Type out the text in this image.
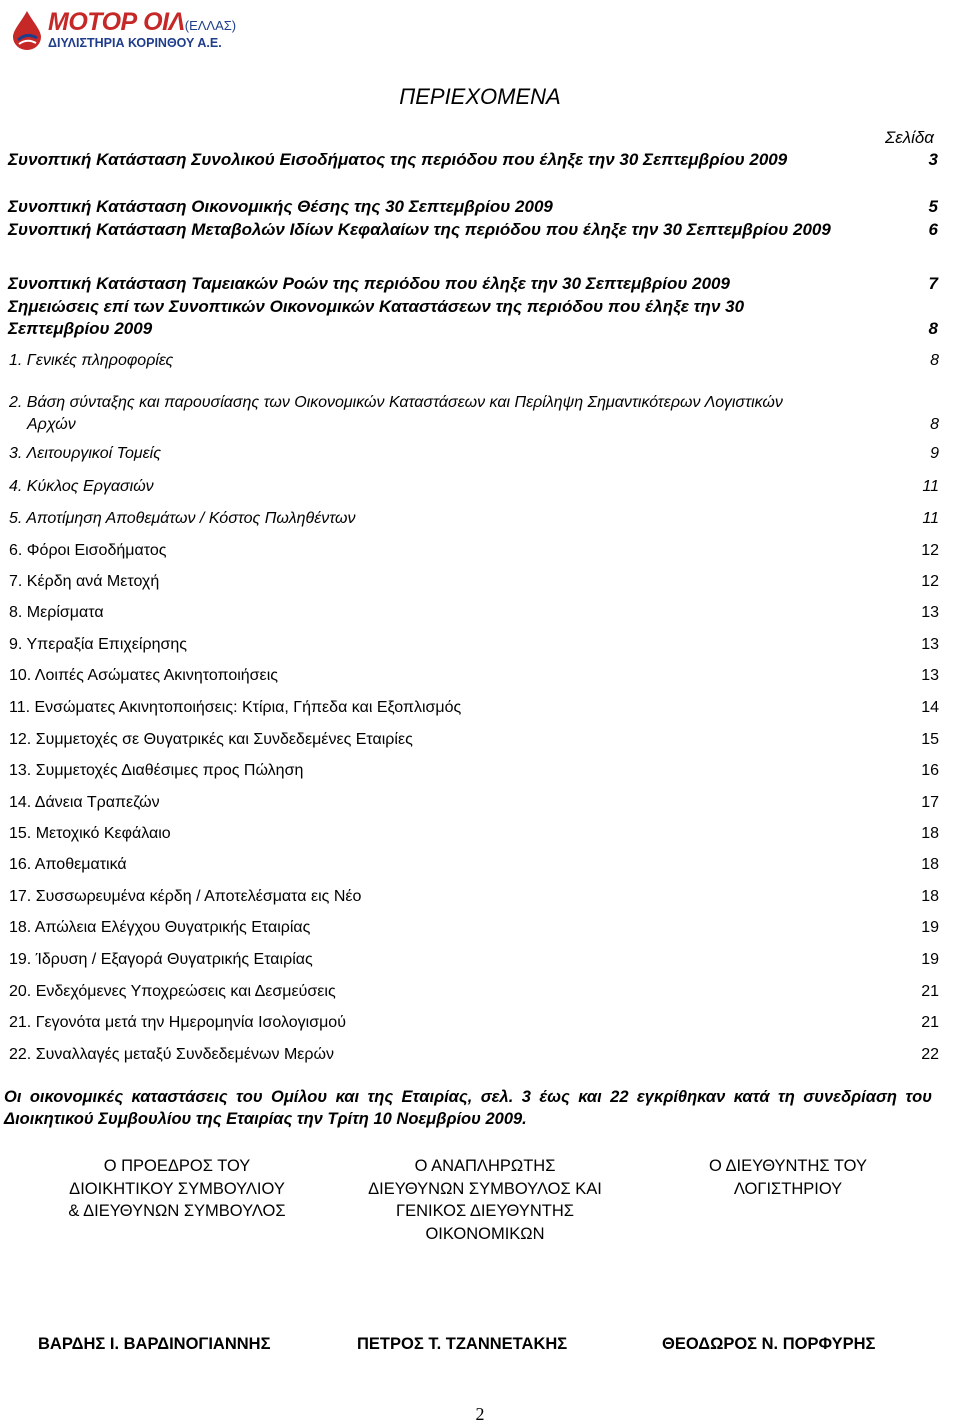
ΜΟΤΟΡ ΟΙΛ(ΕΛΛΑΣ)
ΔΙΥΛΙΣΤΗΡΙΑ ΚΟΡΙΝΘΟΥ Α.Ε.
ΠΕΡΙΕΧΟΜΕΝΑ
Σελίδα
Συνοπτική Κατάσταση Συνολικού Εισοδήματος της περιόδου που έληξε την 30 Σεπτεμβρίου 2009	3
Συνοπτική Κατάσταση Οικονομικής Θέσης της 30 Σεπτεμβρίου 2009	5
Συνοπτική Κατάσταση Μεταβολών Ιδίων Κεφαλαίων της περιόδου που έληξε την 30 Σεπτεμβρίου 2009	6
Συνοπτική Κατάσταση Ταμειακών Ροών της περιόδου που έληξε την 30 Σεπτεμβρίου 2009	7
Σημειώσεις επί των Συνοπτικών Οικονομικών Καταστάσεων της περιόδου που έληξε την 30 Σεπτεμβρίου 2009	8
1. Γενικές πληροφορίες	8
2. Βάση σύνταξης και παρουσίασης των Οικονομικών Καταστάσεων και Περίληψη Σημαντικότερων Λογιστικών Αρχών	8
3. Λειτουργικοί Τομείς	9
4. Κύκλος Εργασιών	11
5. Αποτίμηση Αποθεμάτων / Κόστος Πωληθέντων	11
6. Φόροι Εισοδήματος	12
7. Κέρδη ανά Μετοχή	12
8. Μερίσματα	13
9. Υπεραξία Επιχείρησης	13
10. Λοιπές Ασώματες Ακινητοποιήσεις	13
11. Ενσώματες Ακινητοποιήσεις: Κτίρια, Γήπεδα και Εξοπλισμός	14
12. Συμμετοχές σε Θυγατρικές και Συνδεδεμένες Εταιρίες	15
13. Συμμετοχές Διαθέσιμες προς Πώληση	16
14. Δάνεια Τραπεζών	17
15. Μετοχικό Κεφάλαιο	18
16. Αποθεματικά	18
17. Συσσωρευμένα κέρδη / Αποτελέσματα εις Νέο	18
18. Απώλεια Ελέγχου Θυγατρικής Εταιρίας	19
19. Ίδρυση / Εξαγορά Θυγατρικής Εταιρίας	19
20. Ενδεχόμενες Υποχρεώσεις και Δεσμεύσεις	21
21. Γεγονότα μετά την Ημερομηνία Ισολογισμού	21
22. Συναλλαγές μεταξύ Συνδεδεμένων Μερών	22
Οι οικονομικές καταστάσεις του Ομίλου και της Εταιρίας, σελ. 3 έως και 22 εγκρίθηκαν κατά τη συνεδρίαση του Διοικητικού Συμβουλίου της Εταιρίας την Τρίτη 10 Νοεμβρίου 2009.
Ο ΠΡΟΕΔΡΟΣ ΤΟΥ
ΔΙΟΙΚΗΤΙΚΟΥ ΣΥΜΒΟΥΛΙΟΥ
& ΔΙΕΥΘΥΝΩΝ ΣΥΜΒΟΥΛΟΣ
Ο ΑΝΑΠΛΗΡΩΤΗΣ
ΔΙΕΥΘΥΝΩΝ ΣΥΜΒΟΥΛΟΣ ΚΑΙ
ΓΕΝΙΚΟΣ ΔΙΕΥΘΥΝΤΗΣ
ΟΙΚΟΝΟΜΙΚΩΝ
Ο ΔΙΕΥΘΥΝΤΗΣ ΤΟΥ
ΛΟΓΙΣΤΗΡΙΟΥ
ΒΑΡΔΗΣ Ι. ΒΑΡΔΙΝΟΓΙΑΝΝΗΣ	ΠΕΤΡΟΣ Τ. ΤΖΑΝΝΕΤΑΚΗΣ	ΘΕΟΔΩΡΟΣ Ν. ΠΟΡΦΥΡΗΣ
2
